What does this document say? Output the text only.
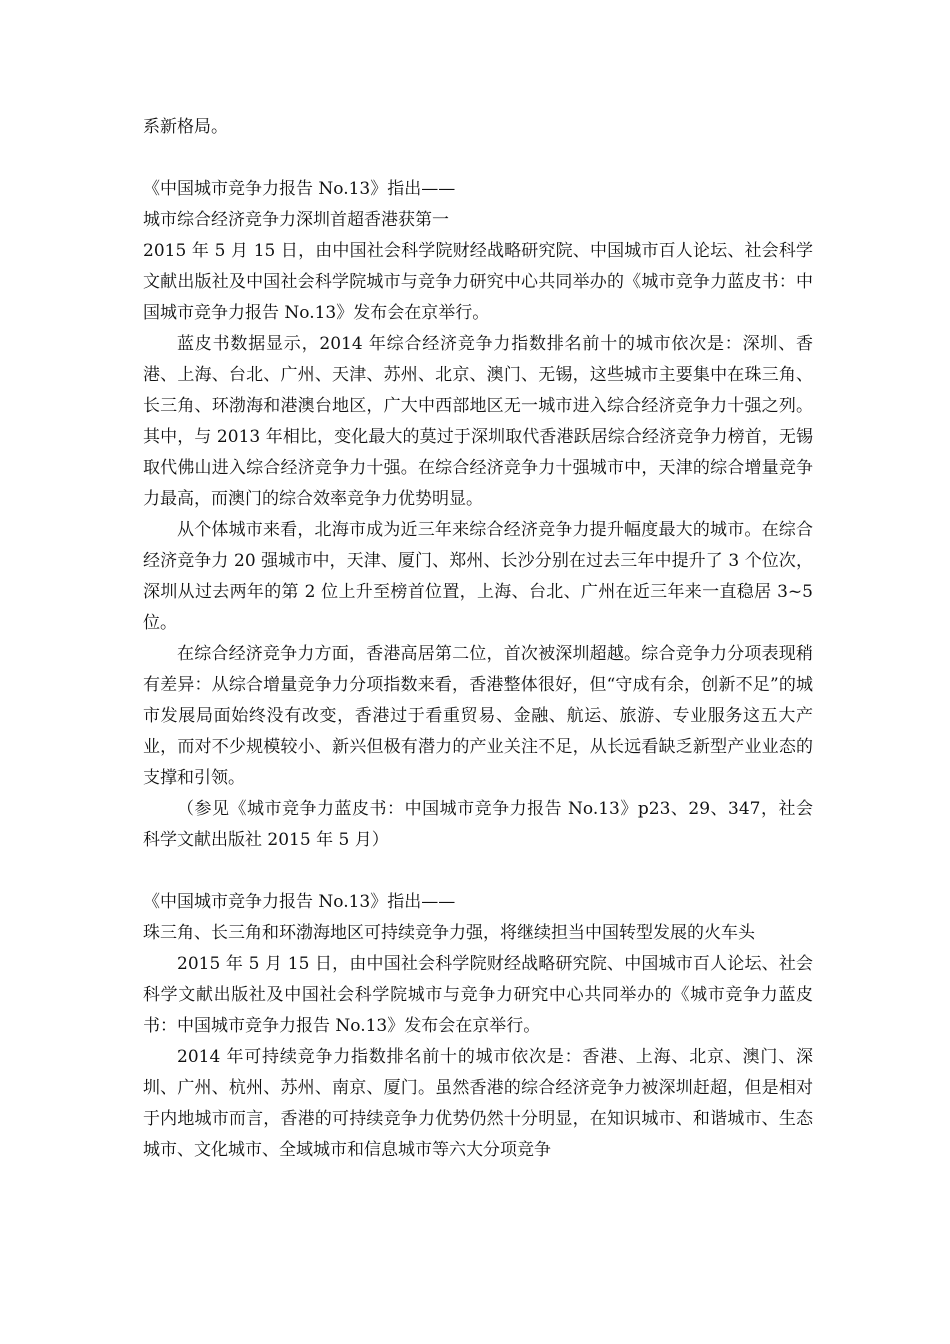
系新格局。

《中国城市竞争力报告 No.13》指出——

城市综合经济竞争力深圳首超香港获第一

2015 年 5 月 15 日，由中国社会科学院财经战略研究院、中国城市百人论坛、社会科学文献出版社及中国社会科学院城市与竞争力研究中心共同举办的《城市竞争力蓝皮书：中国城市竞争力报告 No.13》发布会在京举行。

蓝皮书数据显示，2014 年综合经济竞争力指数排名前十的城市依次是：深圳、香港、上海、台北、广州、天津、苏州、北京、澳门、无锡，这些城市主要集中在珠三角、长三角、环渤海和港澳台地区，广大中西部地区无一城市进入综合经济竞争力十强之列。其中，与 2013 年相比，变化最大的莫过于深圳取代香港跃居综合经济竞争力榜首，无锡取代佛山进入综合经济竞争力十强。在综合经济竞争力十强城市中，天津的综合增量竞争力最高，而澳门的综合效率竞争力优势明显。

从个体城市来看，北海市成为近三年来综合经济竞争力提升幅度最大的城市。在综合经济竞争力 20 强城市中，天津、厦门、郑州、长沙分别在过去三年中提升了 3 个位次，深圳从过去两年的第 2 位上升至榜首位置，上海、台北、广州在近三年来一直稳居 3~5 位。

在综合经济竞争力方面，香港高居第二位，首次被深圳超越。综合竞争力分项表现稍有差异：从综合增量竞争力分项指数来看，香港整体很好，但“守成有余，创新不足”的城市发展局面始终没有改变，香港过于看重贸易、金融、航运、旅游、专业服务这五大产业，而对不少规模较小、新兴但极有潜力的产业关注不足，从长远看缺乏新型产业业态的支撑和引领。

（参见《城市竞争力蓝皮书：中国城市竞争力报告 No.13》p23、29、347，社会科学文献出版社 2015 年 5 月）

《中国城市竞争力报告 No.13》指出——

珠三角、长三角和环渤海地区可持续竞争力强，将继续担当中国转型发展的火车头

2015 年 5 月 15 日，由中国社会科学院财经战略研究院、中国城市百人论坛、社会科学文献出版社及中国社会科学院城市与竞争力研究中心共同举办的《城市竞争力蓝皮书：中国城市竞争力报告 No.13》发布会在京举行。

2014 年可持续竞争力指数排名前十的城市依次是：香港、上海、北京、澳门、深圳、广州、杭州、苏州、南京、厦门。虽然香港的综合经济竞争力被深圳赶超，但是相对于内地城市而言，香港的可持续竞争力优势仍然十分明显，在知识城市、和谐城市、生态城市、文化城市、全域城市和信息城市等六大分项竞争
